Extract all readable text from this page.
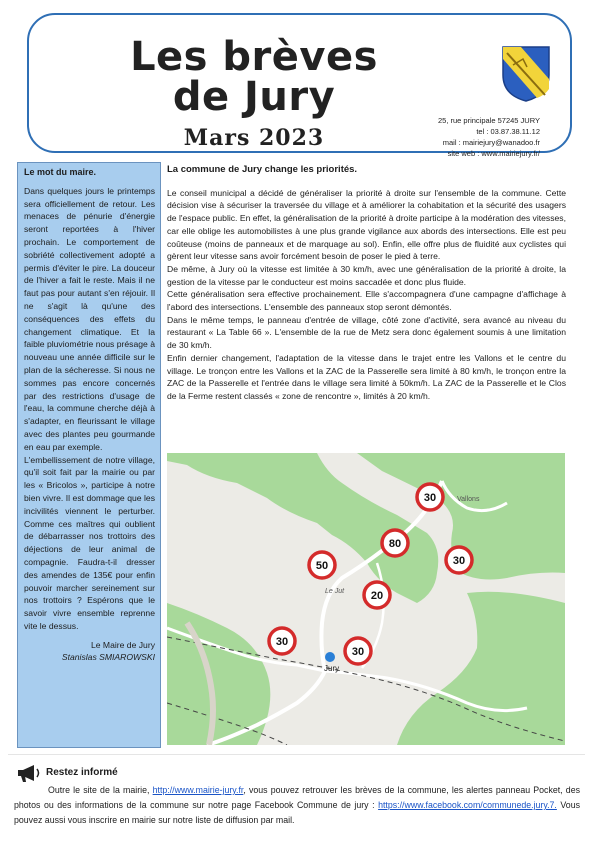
Les brèves
de Jury
Mars 2023
25, rue principale 57245 JURY
tel : 03.87.38.11.12
mail : mairiejury@wanadoo.fr
site web : www.mairiejury.fr/
Le mot du maire.

Dans quelques jours le printemps sera officiellement de retour. Les menaces de pénurie d'énergie seront reportées à l'hiver prochain. Le comportement de sobriété collectivement adopté a permis d'éviter le pire. La douceur de l'hiver a fait le reste. Mais il ne faut pas pour autant s'en réjouir. Il ne s'agit là qu'une des conséquences des effets du changement climatique. Et la faible pluviométrie nous présage à nouveau une année difficile sur le plan de la sécheresse. Si nous ne sommes pas encore concernés par des restrictions d'usage de l'eau, la commune cherche déjà à s'adapter, en fleurissant le village avec des plantes peu gourmande en eau par exemple.

L'embellissement de notre village, qu'il soit fait par la mairie ou par les « Bricolos », participe à notre bien vivre. Il est dommage que les incivilités viennent le perturber. Comme ces maîtres qui oublient de débarrasser nos trottoirs des déjections de leur animal de compagnie. Faudra-t-il dresser des amendes de 135€ pour enfin pouvoir marcher sereinement sur nos trottoirs ? Espérons que le savoir vivre ensemble reprenne vite le dessus.

Le Maire de Jury
Stanislas SMIAROWSKI
La commune de Jury change les priorités.

Le conseil municipal a décidé de généraliser la priorité à droite sur l'ensemble de la commune. Cette décision vise à sécuriser la traversée du village et à améliorer la cohabitation et la sécurité des usagers de l'espace public. En effet, la généralisation de la priorité à droite participe à la modération des vitesses, car elle oblige les automobilistes à une plus grande vigilance aux abords des intersections. Elle est peu coûteuse (moins de panneaux et de marquage au sol). Enfin, elle offre plus de fluidité aux cyclistes qui gèrent leur vitesse sans avoir forcément besoin de poser le pied à terre.

De même, à Jury où la vitesse est limitée à 30 km/h, avec une généralisation de la priorité à droite, la gestion de la vitesse par le conducteur est moins saccadée et donc plus fluide.

Cette généralisation sera effective prochainement. Elle s'accompagnera d'une campagne d'affichage à l'abord des intersections. L'ensemble des panneaux stop seront démontés.

Dans le même temps, le panneau d'entrée de village, côté zone d'activité, sera avancé au niveau du restaurant « La Table 66 ». L'ensemble de la rue de Metz sera donc également soumis à une limitation de 30 km/h.

Enfin dernier changement, l'adaptation de la vitesse dans le trajet entre les Vallons et le centre du village. Le tronçon entre les Vallons et la ZAC de la Passerelle sera limité à 80 km/h, le tronçon entre la ZAC de la Passerelle et l'entrée dans le village sera limité à 50km/h. La ZAC de la Passerelle et le Clos de la Ferme restent classés « zone de rencontre », limités à 20 km/h.

Vallons
Le Jut
Jury
30
80
30
50
20
30
30
Restez informé
Outre le site de la mairie, http://www.mairie-jury.fr, vous pouvez retrouver les brèves de la commune, les alertes panneau Pocket, des photos ou des informations de la commune sur notre page Facebook Commune de jury : https://www.facebook.com/communede.jury.7. Vous pouvez aussi vous inscrire en mairie sur notre liste de diffusion par mail.
